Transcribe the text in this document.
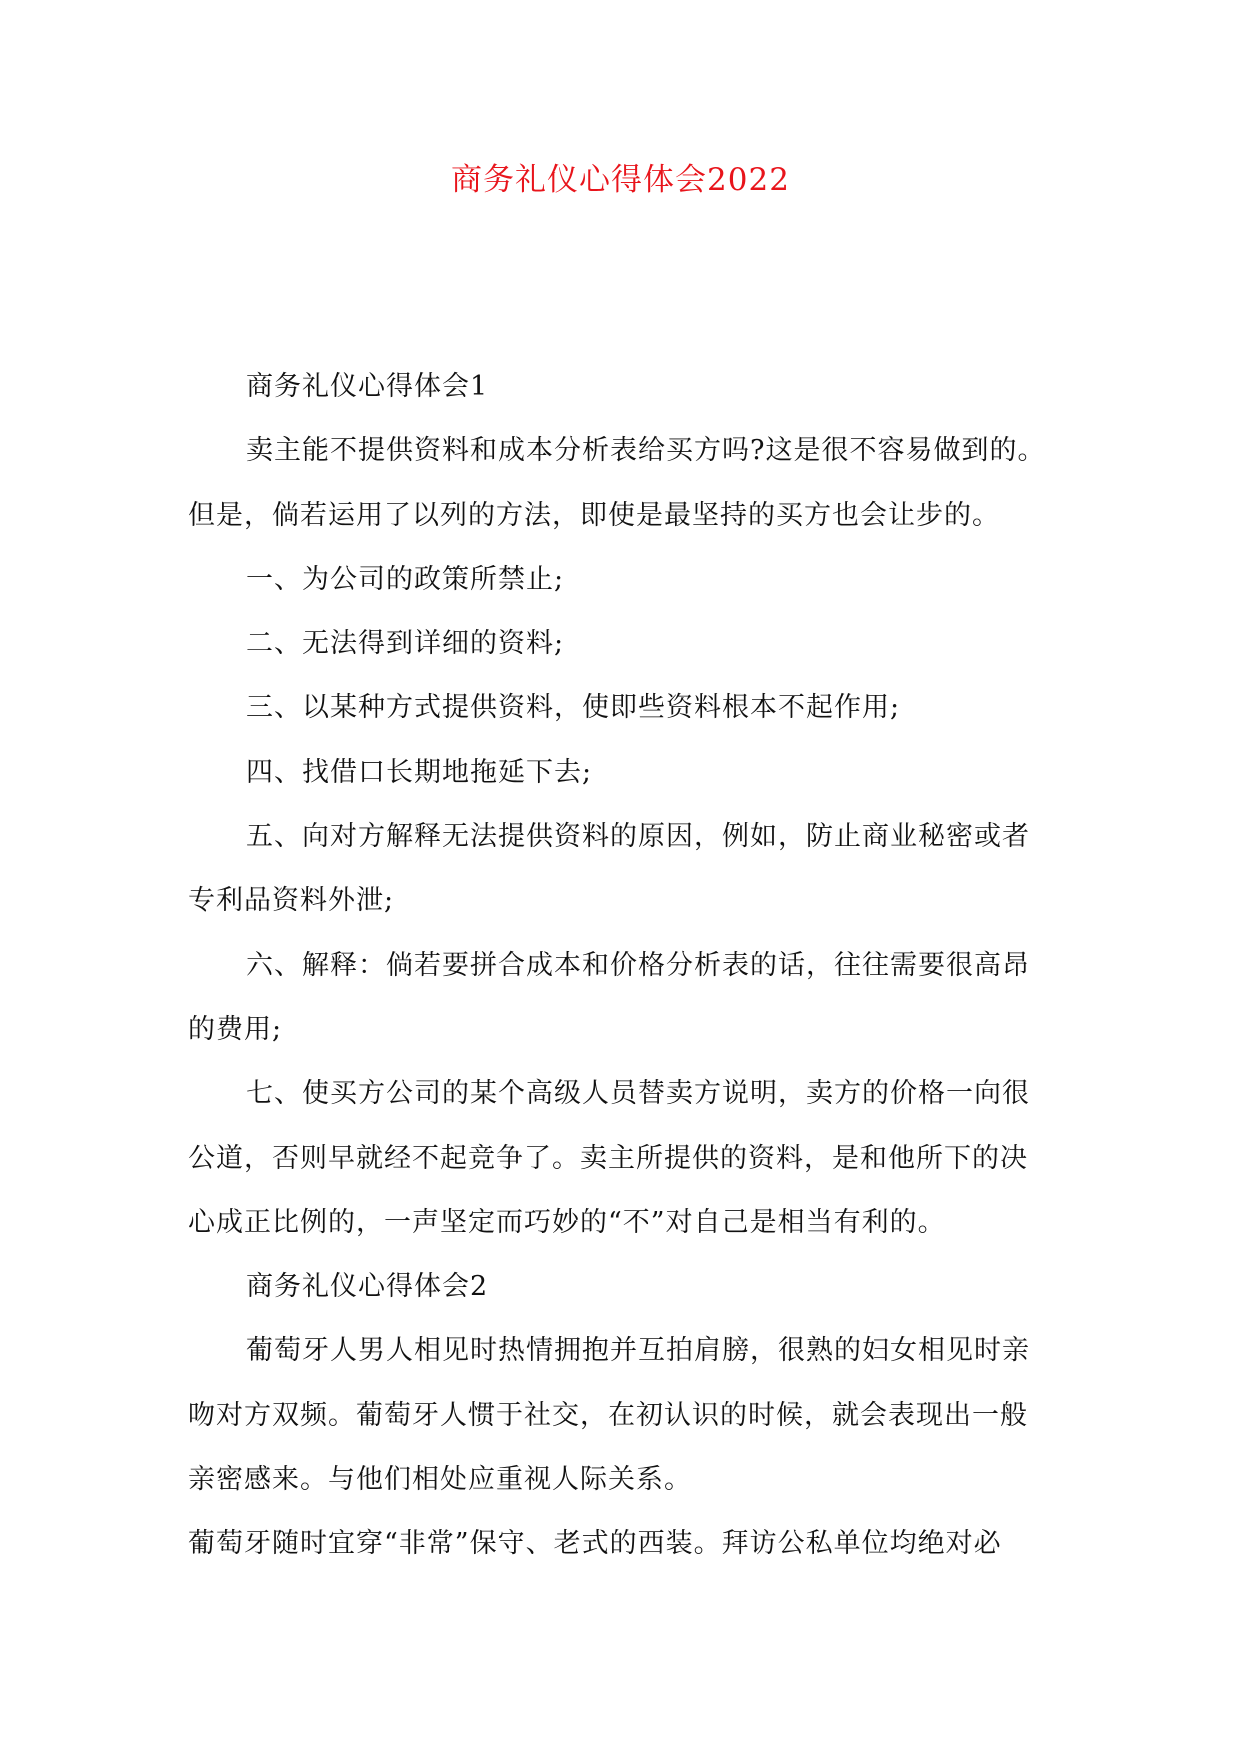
商务礼仪心得体会2022

商务礼仪心得体会1

卖主能不提供资料和成本分析表给买方吗?这是很不容易做到的。但是，倘若运用了以列的方法，即使是最坚持的买方也会让步的。

一、为公司的政策所禁止;

二、无法得到详细的资料;

三、以某种方式提供资料，使即些资料根本不起作用;

四、找借口长期地拖延下去;

五、向对方解释无法提供资料的原因，例如，防止商业秘密或者专利品资料外泄;

六、解释：倘若要拼合成本和价格分析表的话，往往需要很高昂的费用;

七、使买方公司的某个高级人员替卖方说明，卖方的价格一向很公道，否则早就经不起竞争了。卖主所提供的资料，是和他所下的决心成正比例的，一声坚定而巧妙的“不”对自己是相当有利的。

商务礼仪心得体会2

葡萄牙人男人相见时热情拥抱并互拍肩膀，很熟的妇女相见时亲吻对方双频。葡萄牙人惯于社交，在初认识的时候，就会表现出一般亲密感来。与他们相处应重视人际关系。

葡萄牙随时宜穿“非常”保守、老式的西装。拜访公私单位均绝对必
